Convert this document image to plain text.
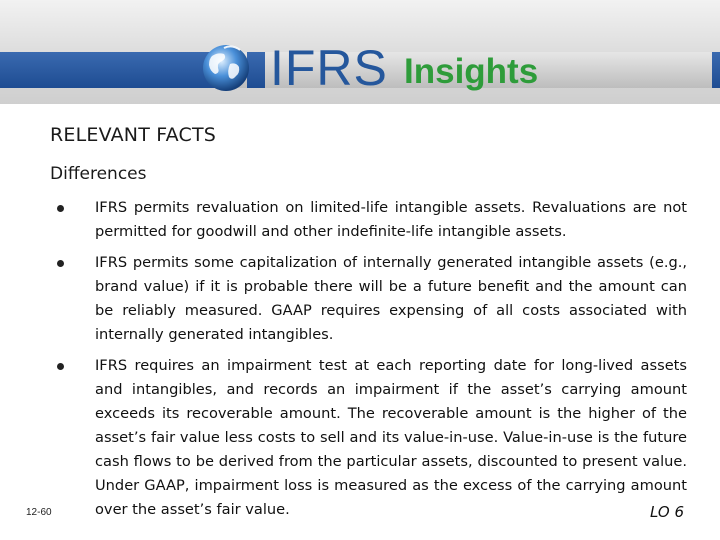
IFRS Insights
RELEVANT FACTS
Differences
IFRS permits revaluation on limited-life intangible assets. Revaluations are not permitted for goodwill and other indefinite-life intangible assets.
IFRS permits some capitalization of internally generated intangible assets (e.g., brand value) if it is probable there will be a future benefit and the amount can be reliably measured. GAAP requires expensing of all costs associated with internally generated intangibles.
IFRS requires an impairment test at each reporting date for long-lived assets and intangibles, and records an impairment if the asset’s carrying amount exceeds its recoverable amount. The recoverable amount is the higher of the asset’s fair value less costs to sell and its value-in-use. Value-in-use is the future cash flows to be derived from the particular assets, discounted to present value. Under GAAP, impairment loss is measured as the excess of the carrying amount over the asset’s fair value.
12-60	LO 6
